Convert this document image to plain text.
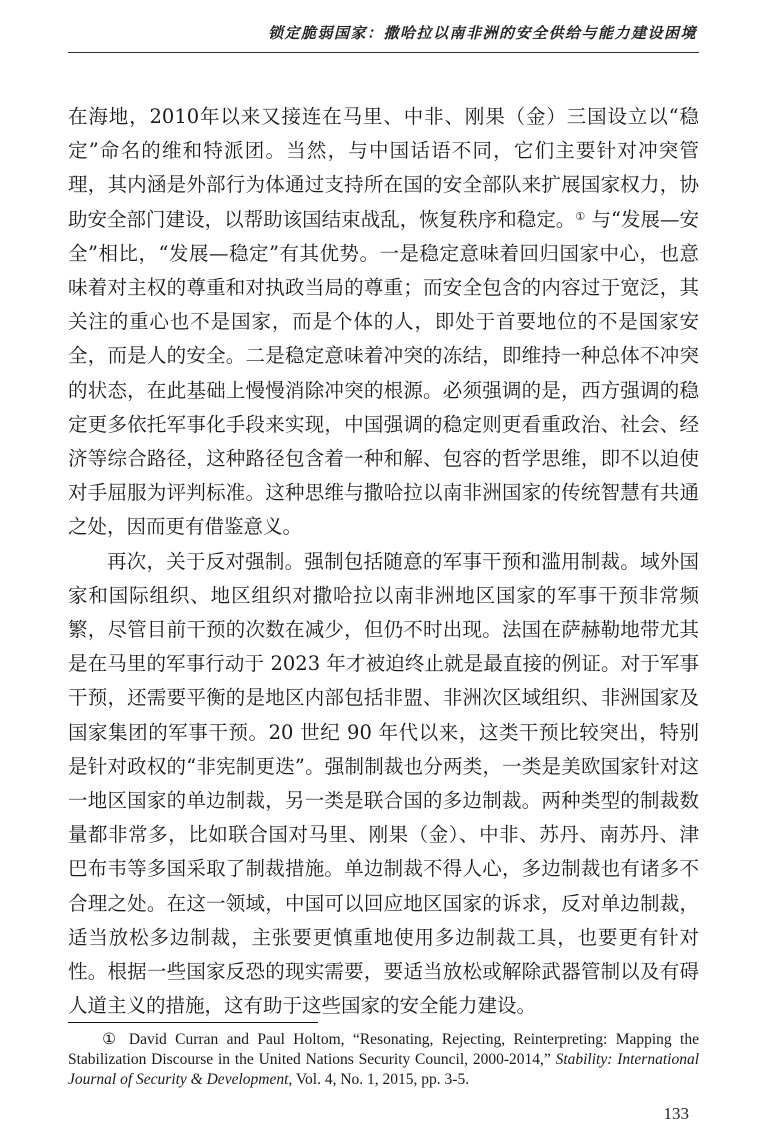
锁定脆弱国家：撒哈拉以南非洲的安全供给与能力建设困境

在海地，2010年以来又接连在马里、中非、刚果（金）三国设立以“稳定”命名的维和特派团。当然，与中国话语不同，它们主要针对冲突管理，其内涵是外部行为体通过支持所在国的安全部队来扩展国家权力，协助安全部门建设，以帮助该国结束战乱，恢复秩序和稳定。① 与“发展—安全”相比，“发展—稳定”有其优势。一是稳定意味着回归国家中心，也意味着对主权的尊重和对执政当局的尊重；而安全包含的内容过于宽泛，其关注的重心也不是国家，而是个体的人，即处于首要地位的不是国家安全，而是人的安全。二是稳定意味着冲突的冻结，即维持一种总体不冲突的状态，在此基础上慢慢消除冲突的根源。必须强调的是，西方强调的稳定更多依托军事化手段来实现，中国强调的稳定则更看重政治、社会、经济等综合路径，这种路径包含着一种和解、包容的哲学思维，即不以迫使对手屈服为评判标准。这种思维与撒哈拉以南非洲国家的传统智慧有共通之处，因而更有借鉴意义。

再次，关于反对强制。强制包括随意的军事干预和滥用制裁。域外国家和国际组织、地区组织对撒哈拉以南非洲地区国家的军事干预非常频繁，尽管目前干预的次数在减少，但仍不时出现。法国在萨赫勒地带尤其是在马里的军事行动于 2023 年才被迫终止就是最直接的例证。对于军事干预，还需要平衡的是地区内部包括非盟、非洲次区域组织、非洲国家及国家集团的军事干预。20 世纪 90 年代以来，这类干预比较突出，特别是针对政权的“非宪制更迭”。强制制裁也分两类，一类是美欧国家针对这一地区国家的单边制裁，另一类是联合国的多边制裁。两种类型的制裁数量都非常多，比如联合国对马里、刚果（金）、中非、苏丹、南苏丹、津巴布韦等多国采取了制裁措施。单边制裁不得人心，多边制裁也有诸多不合理之处。在这一领域，中国可以回应地区国家的诉求，反对单边制裁，适当放松多边制裁，主张要更慎重地使用多边制裁工具，也要更有针对性。根据一些国家反恐的现实需要，要适当放松或解除武器管制以及有碍人道主义的措施，这有助于这些国家的安全能力建设。

① David Curran and Paul Holtom, “Resonating, Rejecting, Reinterpreting: Mapping the Stabilization Discourse in the United Nations Security Council, 2000-2014,” Stability: International Journal of Security & Development, Vol. 4, No. 1, 2015, pp. 3-5.
133
